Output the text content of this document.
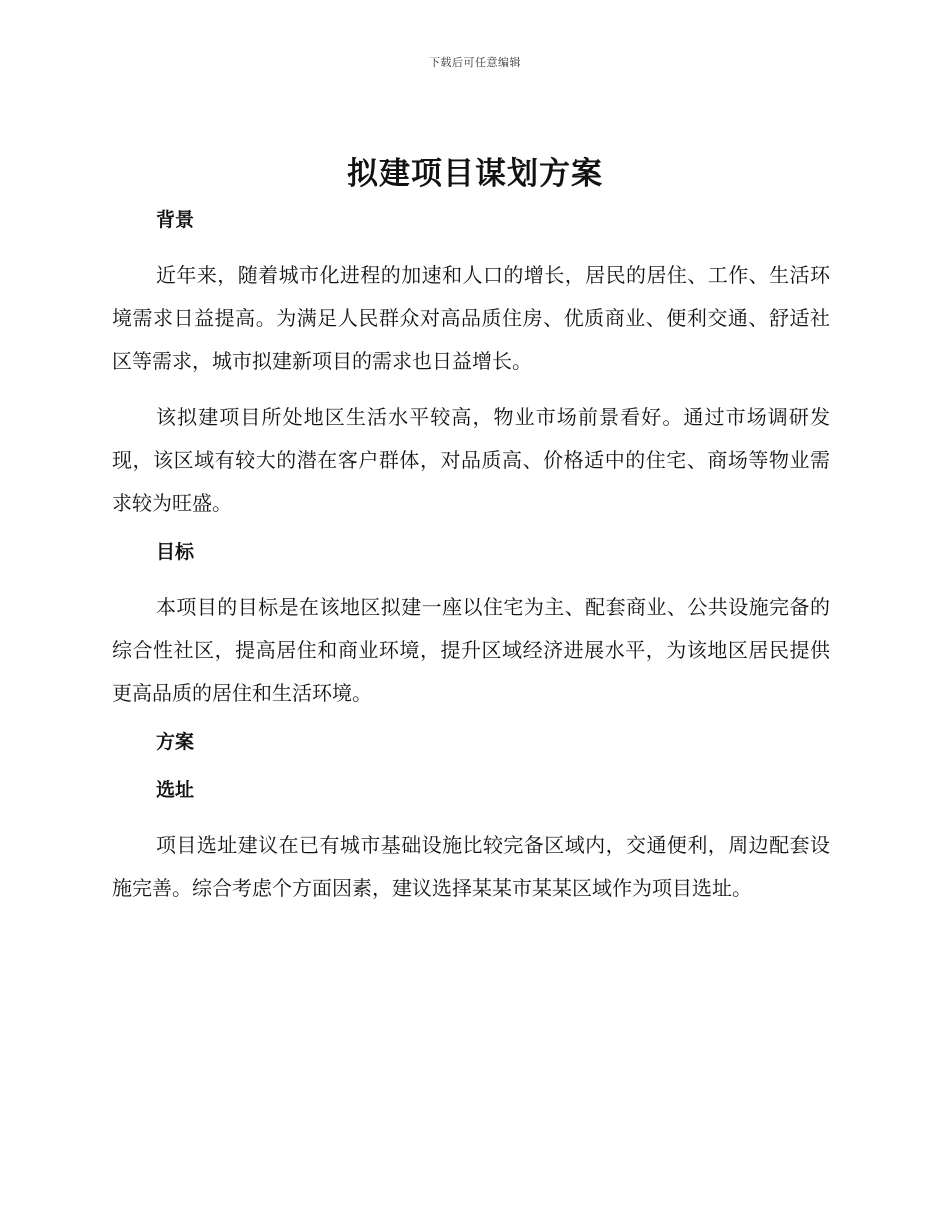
下载后可任意编辑
拟建项目谋划方案
背景

近年来，随着城市化进程的加速和人口的增长，居民的居住、工作、生活环境需求日益提高。为满足人民群众对高品质住房、优质商业、便利交通、舒适社区等需求，城市拟建新项目的需求也日益增长。

该拟建项目所处地区生活水平较高，物业市场前景看好。通过市场调研发现，该区域有较大的潜在客户群体，对品质高、价格适中的住宅、商场等物业需求较为旺盛。

目标

本项目的目标是在该地区拟建一座以住宅为主、配套商业、公共设施完备的综合性社区，提高居住和商业环境，提升区域经济进展水平，为该地区居民提供更高品质的居住和生活环境。

方案
选址

项目选址建议在已有城市基础设施比较完备区域内，交通便利，周边配套设施完善。综合考虑个方面因素，建议选择某某市某某区域作为项目选址。
